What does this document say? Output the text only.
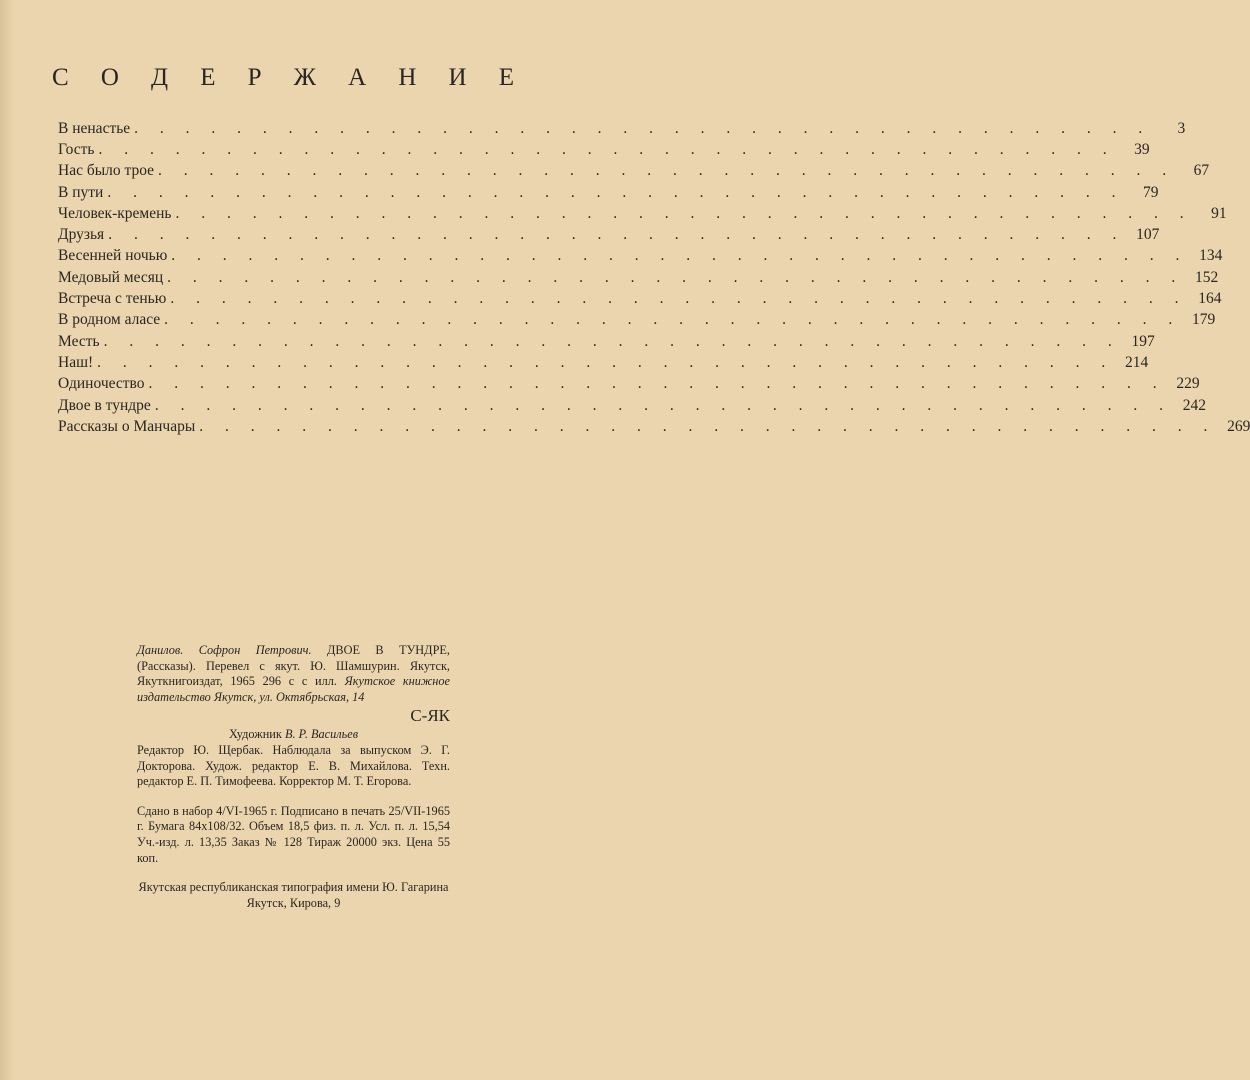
С О Д Е Р Ж А Н И Е
В ненастье . . . . . . . . . . . . . . . . . . . . . . . . . . . . . . . . . . . . . . . .	3
Гость . . . . . . . . . . . . . . . . . . . . . . . . . . . . . . . . . . . . . . . .	39
Нас было трое . . . . . . . . . . . . . . . . . . . . . . . . . . . . . . . . . . . . . . . .	67
В пути . . . . . . . . . . . . . . . . . . . . . . . . . . . . . . . . . . . . . . . .	79
Человек-кремень . . . . . . . . . . . . . . . . . . . . . . . . . . . . . . . . . . . . . . . .	91
Друзья . . . . . . . . . . . . . . . . . . . . . . . . . . . . . . . . . . . . . . . . 107
Весенней ночью . . . . . . . . . . . . . . . . . . . . . . . . . . . . . . . . . . . . . . . . 134
Медовый месяц . . . . . . . . . . . . . . . . . . . . . . . . . . . . . . . . . . . . . . . . 152
Встреча с тенью . . . . . . . . . . . . . . . . . . . . . . . . . . . . . . . . . . . . . . . . 164
В родном аласе . . . . . . . . . . . . . . . . . . . . . . . . . . . . . . . . . . . . . . . . 179
Месть . . . . . . . . . . . . . . . . . . . . . . . . . . . . . . . . . . . . . . . . 197
Наш! . . . . . . . . . . . . . . . . . . . . . . . . . . . . . . . . . . . . . . . . 214
Одиночество . . . . . . . . . . . . . . . . . . . . . . . . . . . . . . . . . . . . . . . . 229
Двое в тундре . . . . . . . . . . . . . . . . . . . . . . . . . . . . . . . . . . . . . . . . 242
Рассказы о Манчары . . . . . . . . . . . . . . . . . . . . . . . . . . . . . . . . . . . . . . . . 269

Данилов. Софрон Петрович. ДВОЕ В ТУНДРЕ, (Рассказы). Перевел с якут. Ю. Шамшурин. Якутск, Якуткнигоиздат, 1965 296 с с илл. Якутское книжное издательство Якутск, ул. Октябрьская, 14

С-ЯК

Художник В. Р. Васильев

Редактор Ю. Щербак. Наблюдала за выпуском Э. Г. Докторова. Худож. редактор Е. В. Михайлова. Техн. редактор Е. П. Тимофеева. Корректор М. Т. Егорова.

Сдано в набор 4/VI-1965 г. Подписано в печать 25/VII-1965 г. Бумага 84x108/32. Объем 18,5 физ. п. л. Усл. п. л. 15,54 Уч.-изд. л. 13,35 Заказ № 128 Тираж 20000 экз. Цена 55 коп.

Якутская республиканская типография имени Ю. Гагарина Якутск, Кирова, 9
